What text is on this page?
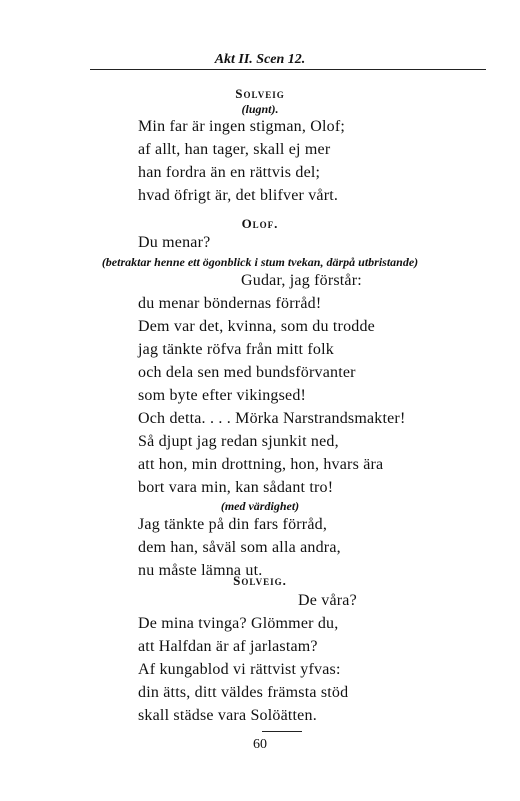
Akt II. Scen 12.
Solveig
(lugnt).
Min far är ingen stigman, Olof;
af allt, han tager, skall ej mer
han fordra än en rättvis del;
hvad öfrigt är, det blifver vårt.
Olof.
Du menar?
(betraktar henne ett ögonblick i stum tvekan, därpå utbristande)
Gudar, jag förstår:
du menar böndernas förråd!
Dem var det, kvinna, som du trodde
jag tänkte röfva från mitt folk
och dela sen med bundsförvanter
som byte efter vikingsed!
Och detta. . . . Mörka Narstrandsmakter!
Så djupt jag redan sjunkit ned,
att hon, min drottning, hon, hvars ära
bort vara min, kan sådant tro!
(med värdighet)
Jag tänkte på din fars förråd,
dem han, såväl som alla andra,
nu måste lämna ut.
Solveig.
De våra?
De mina tvinga? Glömmer du,
att Halfdan är af jarlastam?
Af kungablod vi rättvist yfvas:
din ätts, ditt väldes främsta stöd
skall städse vara Solöätten.
60
